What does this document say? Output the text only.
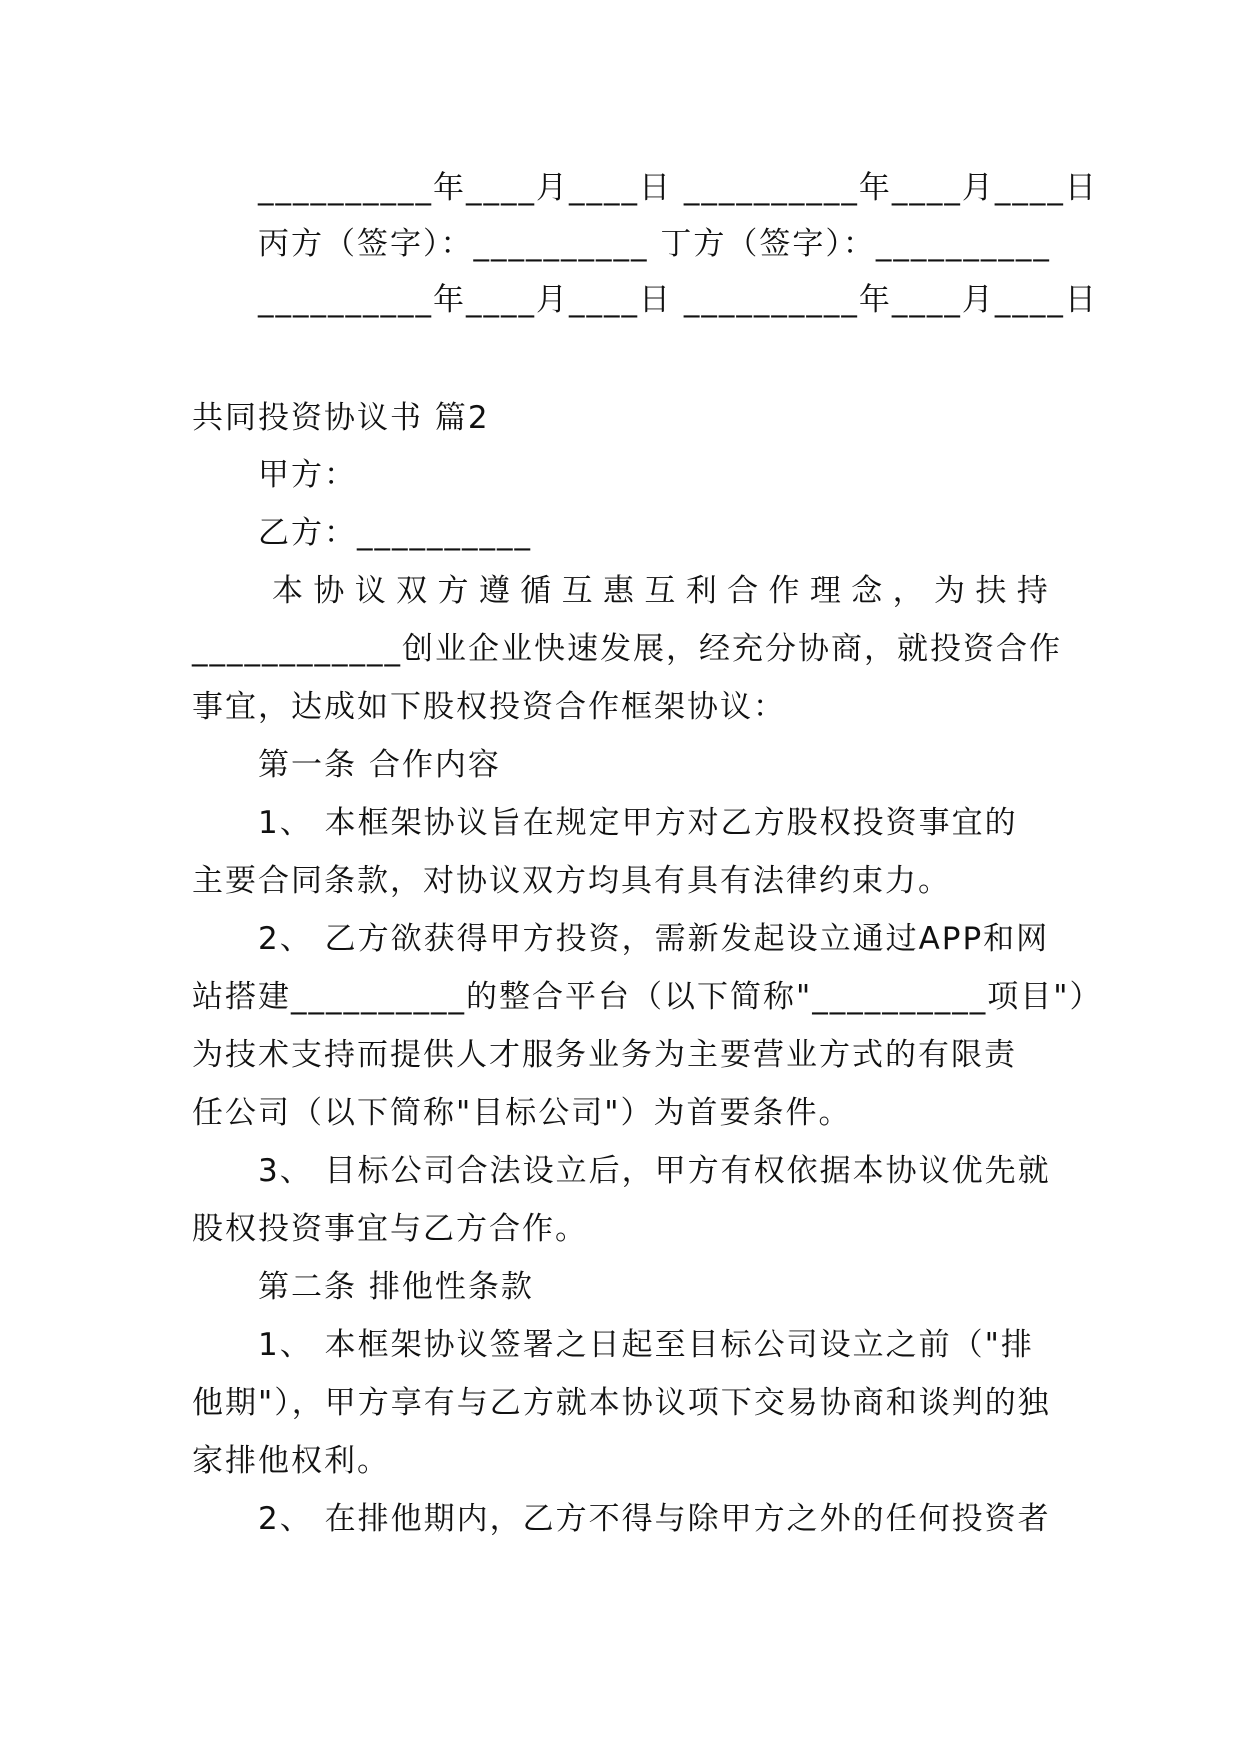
__________年____月____日 __________年____月____日
丙方（签字）：__________ 丁方（签字）：__________
__________年____月____日 __________年____月____日
共同投资协议书 篇2
甲方：
乙方：__________
本 协 议 双 方 遵 循 互 惠 互 利 合 作 理 念 ， 为 扶 持
____________创业企业快速发展，经充分协商，就投资合作
事宜，达成如下股权投资合作框架协议：
第一条 合作内容
1、 本框架协议旨在规定甲方对乙方股权投资事宜的
主要合同条款，对协议双方均具有具有法律约束力。
2、 乙方欲获得甲方投资，需新发起设立通过APP和网
站搭建__________的整合平台（以下简称"__________项目"）
为技术支持而提供人才服务业务为主要营业方式的有限责
任公司（以下简称"目标公司"）为首要条件。
3、 目标公司合法设立后，甲方有权依据本协议优先就
股权投资事宜与乙方合作。
第二条 排他性条款
1、 本框架协议签署之日起至目标公司设立之前（"排
他期"），甲方享有与乙方就本协议项下交易协商和谈判的独
家排他权利。
2、 在排他期内，乙方不得与除甲方之外的任何投资者
